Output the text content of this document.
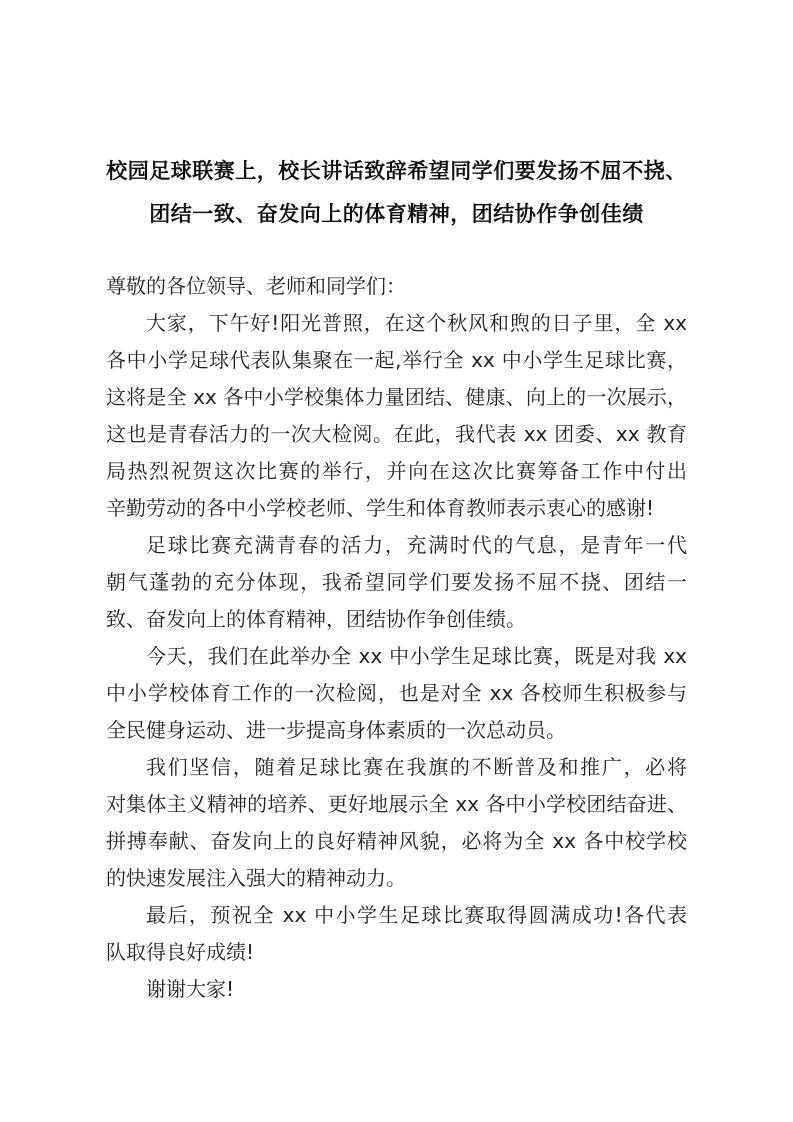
校园足球联赛上，校长讲话致辞希望同学们要发扬不屈不挠、
团结一致、奋发向上的体育精神，团结协作争创佳绩
尊敬的各位领导、老师和同学们：
大家，下午好!阳光普照，在这个秋风和煦的日子里，全 xx
各中小学足球代表队集聚在一起,举行全 xx 中小学生足球比赛，
这将是全 xx 各中小学校集体力量团结、健康、向上的一次展示，
这也是青春活力的一次大检阅。在此，我代表 xx 团委、xx 教育
局热烈祝贺这次比赛的举行，并向在这次比赛筹备工作中付出
辛勤劳动的各中小学校老师、学生和体育教师表示衷心的感谢!
足球比赛充满青春的活力，充满时代的气息，是青年一代
朝气蓬勃的充分体现，我希望同学们要发扬不屈不挠、团结一
致、奋发向上的体育精神，团结协作争创佳绩。
今天，我们在此举办全 xx 中小学生足球比赛，既是对我 xx
中小学校体育工作的一次检阅，也是对全 xx 各校师生积极参与
全民健身运动、进一步提高身体素质的一次总动员。
我们坚信，随着足球比赛在我旗的不断普及和推广，必将
对集体主义精神的培养、更好地展示全 xx 各中小学校团结奋进、
拼搏奉献、奋发向上的良好精神风貌，必将为全 xx 各中校学校
的快速发展注入强大的精神动力。
最后，预祝全 xx 中小学生足球比赛取得圆满成功!各代表
队取得良好成绩!
谢谢大家!
